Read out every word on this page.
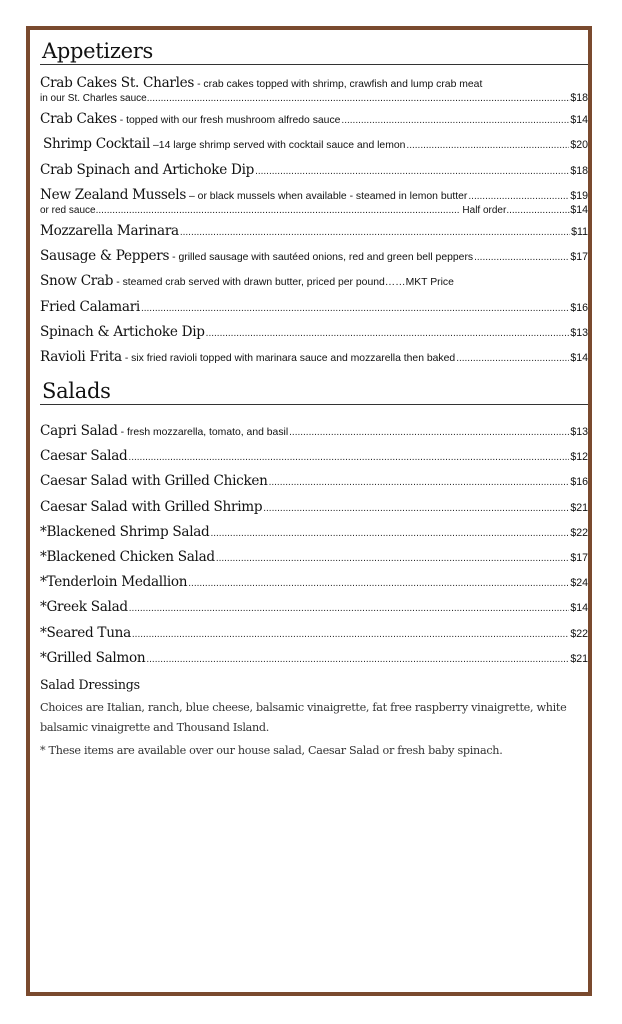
Appetizers
Crab Cakes St. Charles - crab cakes topped with shrimp, crawfish and lump crab meat
in our St. Charles sauce .....	$18
Crab Cakes - topped with our fresh mushroom alfredo sauce .....	$14
Shrimp Cocktail –14 large shrimp served with cocktail sauce and lemon .....	$20
Crab Spinach and Artichoke Dip .....	$18
New Zealand Mussels – or black mussels when available - steamed in lemon butter .....	$19
or red sauce .....	Half order .....	$14
Mozzarella Marinara .....	$11
Sausage & Peppers - grilled sausage with sautéed onions, red and green bell peppers .....	$17
Snow Crab - steamed crab served with drawn butter, priced per pound……MKT Price
Fried Calamari .....	$16
Spinach & Artichoke Dip .....	$13
Ravioli Frita - six fried ravioli topped with marinara sauce and mozzarella then baked .....	$14
Salads
Capri Salad - fresh mozzarella, tomato, and basil .....	$13
Caesar Salad .....	$12
Caesar Salad with Grilled Chicken .....	$16
Caesar Salad with Grilled Shrimp .....	$21
*Blackened Shrimp Salad .....	$22
*Blackened Chicken Salad .....	$17
*Tenderloin Medallion .....	$24
*Greek Salad .....	$14
*Seared Tuna .....	$22
*Grilled Salmon .....	$21
Salad Dressings
Choices are Italian, ranch, blue cheese, balsamic vinaigrette, fat free raspberry vinaigrette, white balsamic vinaigrette and Thousand Island.
* These items are available over our house salad, Caesar Salad or fresh baby spinach.
